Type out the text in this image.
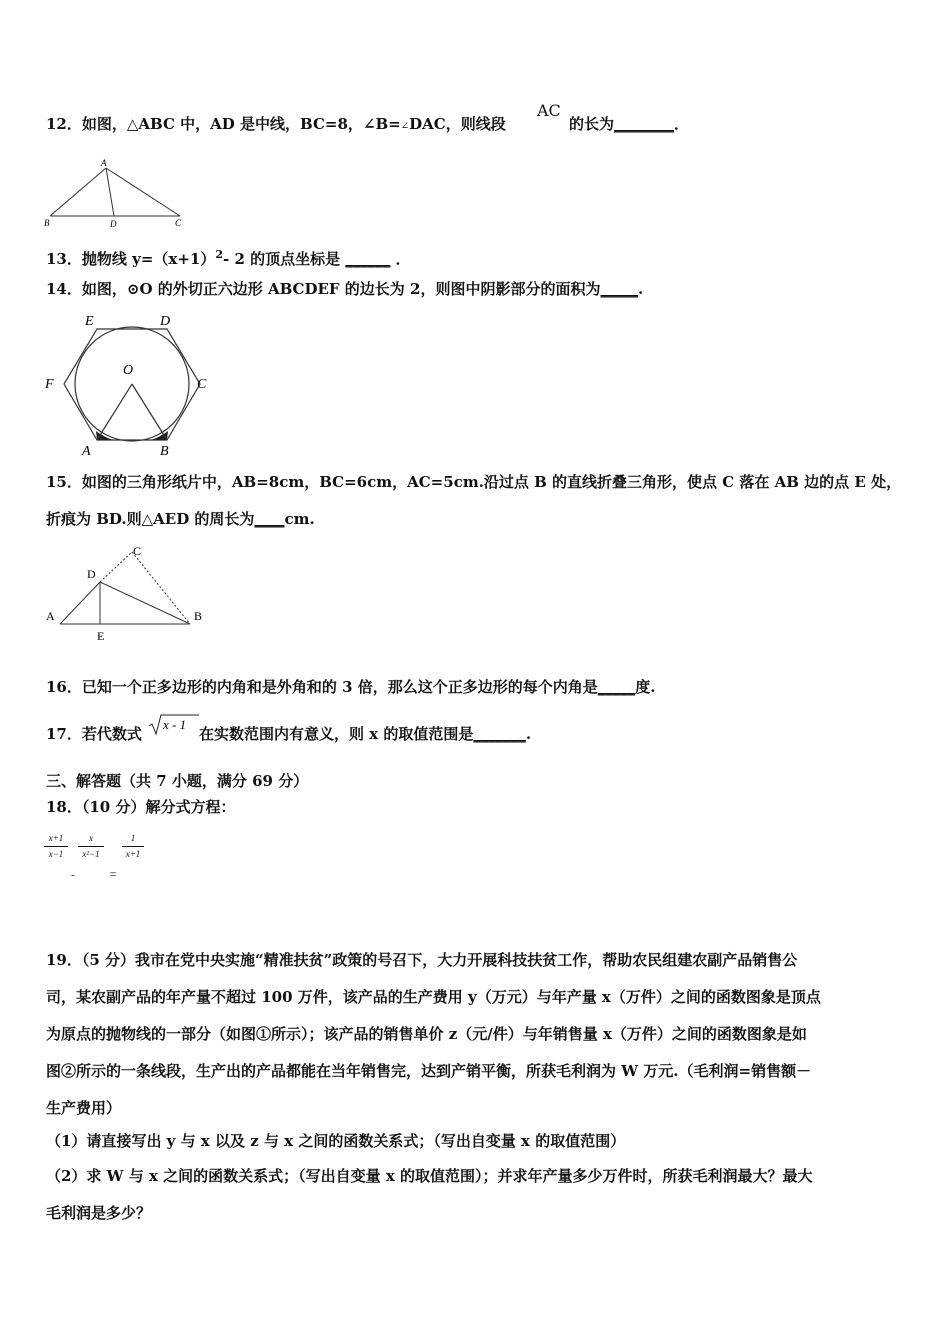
12．如图，△ABC 中，AD 是中线，BC=8，∠B=∠DAC，则线段
AC
的长为________．
A
B	D	C
13．抛物线 $y=(x+1)^2-$ 2 的顶点坐标是 ______ ．
14．如图，⊙O 的外切正六边形 ABCDEF 的边长为 2，则图中阴影部分的面积为_____.
E	D
F
O
C
A	B
15．如图的三角形纸片中，AB=8cm，BC=6cm，AC=5cm.沿过点 B 的直线折叠三角形，使点 C 落在 AB 边的点 E 处，
折痕为 BD.则△AED 的周长为____cm.
C
D
A	B
E
16．已知一个正多边形的内角和是外角和的 3 倍，那么这个正多边形的每个内角是_____度.
17．若代数式
x - 1
在实数范围内有意义，则 x 的取值范围是_______.
三、解答题（共 7 小题，满分 69 分）
18．（10 分）解分式方程：
x+1
x−1
x
x²−1
1
x+1
-	=
19．（5 分）我市在党中央实施“精准扶贫”政策的号召下，大力开展科技扶贫工作，帮助农民组建农副产品销售公
司，某农副产品的年产量不超过 100 万件，该产品的生产费用 y（万元）与年产量 x（万件）之间的函数图象是顶点
为原点的抛物线的一部分（如图①所示）；该产品的销售单价 z（元/件）与年销售量 x（万件）之间的函数图象是如
图②所示的一条线段，生产出的产品都能在当年销售完，达到产销平衡，所获毛利润为 W 万元.（毛利润=销售额－
生产费用）
（1）请直接写出 y 与 x 以及 z 与 x 之间的函数关系式；（写出自变量 x 的取值范围）
（2）求 W 与 x 之间的函数关系式；（写出自变量 x 的取值范围）；并求年产量多少万件时，所获毛利润最大？最大
毛利润是多少？
